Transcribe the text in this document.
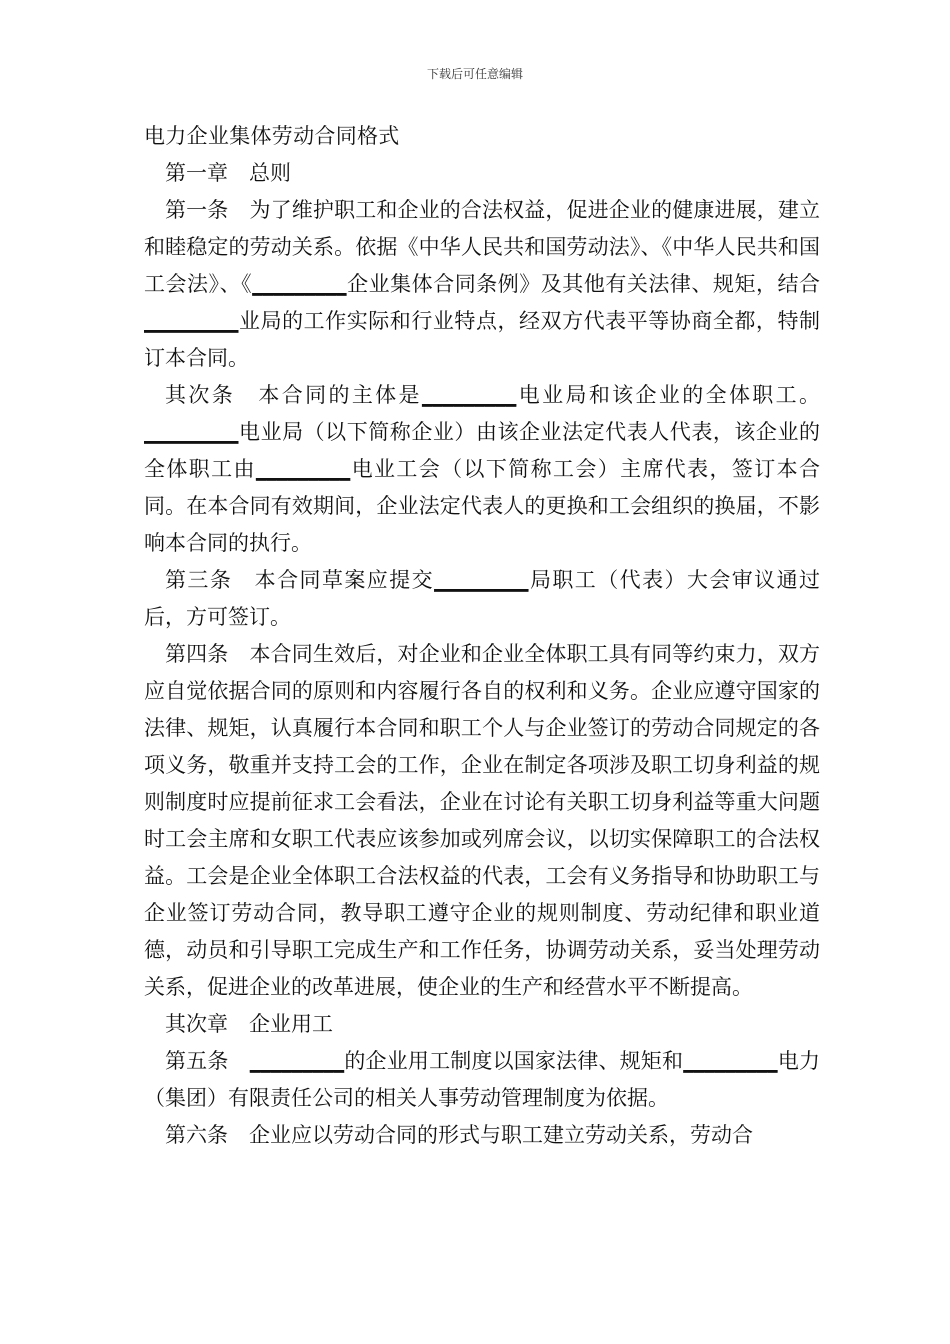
下载后可任意编辑

电力企业集体劳动合同格式

第一章　总则

第一条　为了维护职工和企业的合法权益，促进企业的健康进展，建立和睦稳定的劳动关系。依据《中华人民共和国劳动法》、《中华人民共和国工会法》、《_________企业集体合同条例》及其他有关法律、规矩，结合_________业局的工作实际和行业特点，经双方代表平等协商全都，特制订本合同。

其次条　本合同的主体是_________电业局和该企业的全体职工。_________电业局（以下简称企业）由该企业法定代表人代表，该企业的全体职工由_________电业工会（以下简称工会）主席代表，签订本合同。在本合同有效期间，企业法定代表人的更换和工会组织的换届，不影响本合同的执行。

第三条　本合同草案应提交_________局职工（代表）大会审议通过后，方可签订。

第四条　本合同生效后，对企业和企业全体职工具有同等约束力，双方应自觉依据合同的原则和内容履行各自的权利和义务。企业应遵守国家的法律、规矩，认真履行本合同和职工个人与企业签订的劳动合同规定的各项义务，敬重并支持工会的工作，企业在制定各项涉及职工切身利益的规则制度时应提前征求工会看法，企业在讨论有关职工切身利益等重大问题时工会主席和女职工代表应该参加或列席会议，以切实保障职工的合法权益。工会是企业全体职工合法权益的代表，工会有义务指导和协助职工与企业签订劳动合同，教导职工遵守企业的规则制度、劳动纪律和职业道德，动员和引导职工完成生产和工作任务，协调劳动关系，妥当处理劳动关系，促进企业的改革进展，使企业的生产和经营水平不断提高。

其次章　企业用工

第五条　_________的企业用工制度以国家法律、规矩和_________电力（集团）有限责任公司的相关人事劳动管理制度为依据。

第六条　企业应以劳动合同的形式与职工建立劳动关系，劳动合
